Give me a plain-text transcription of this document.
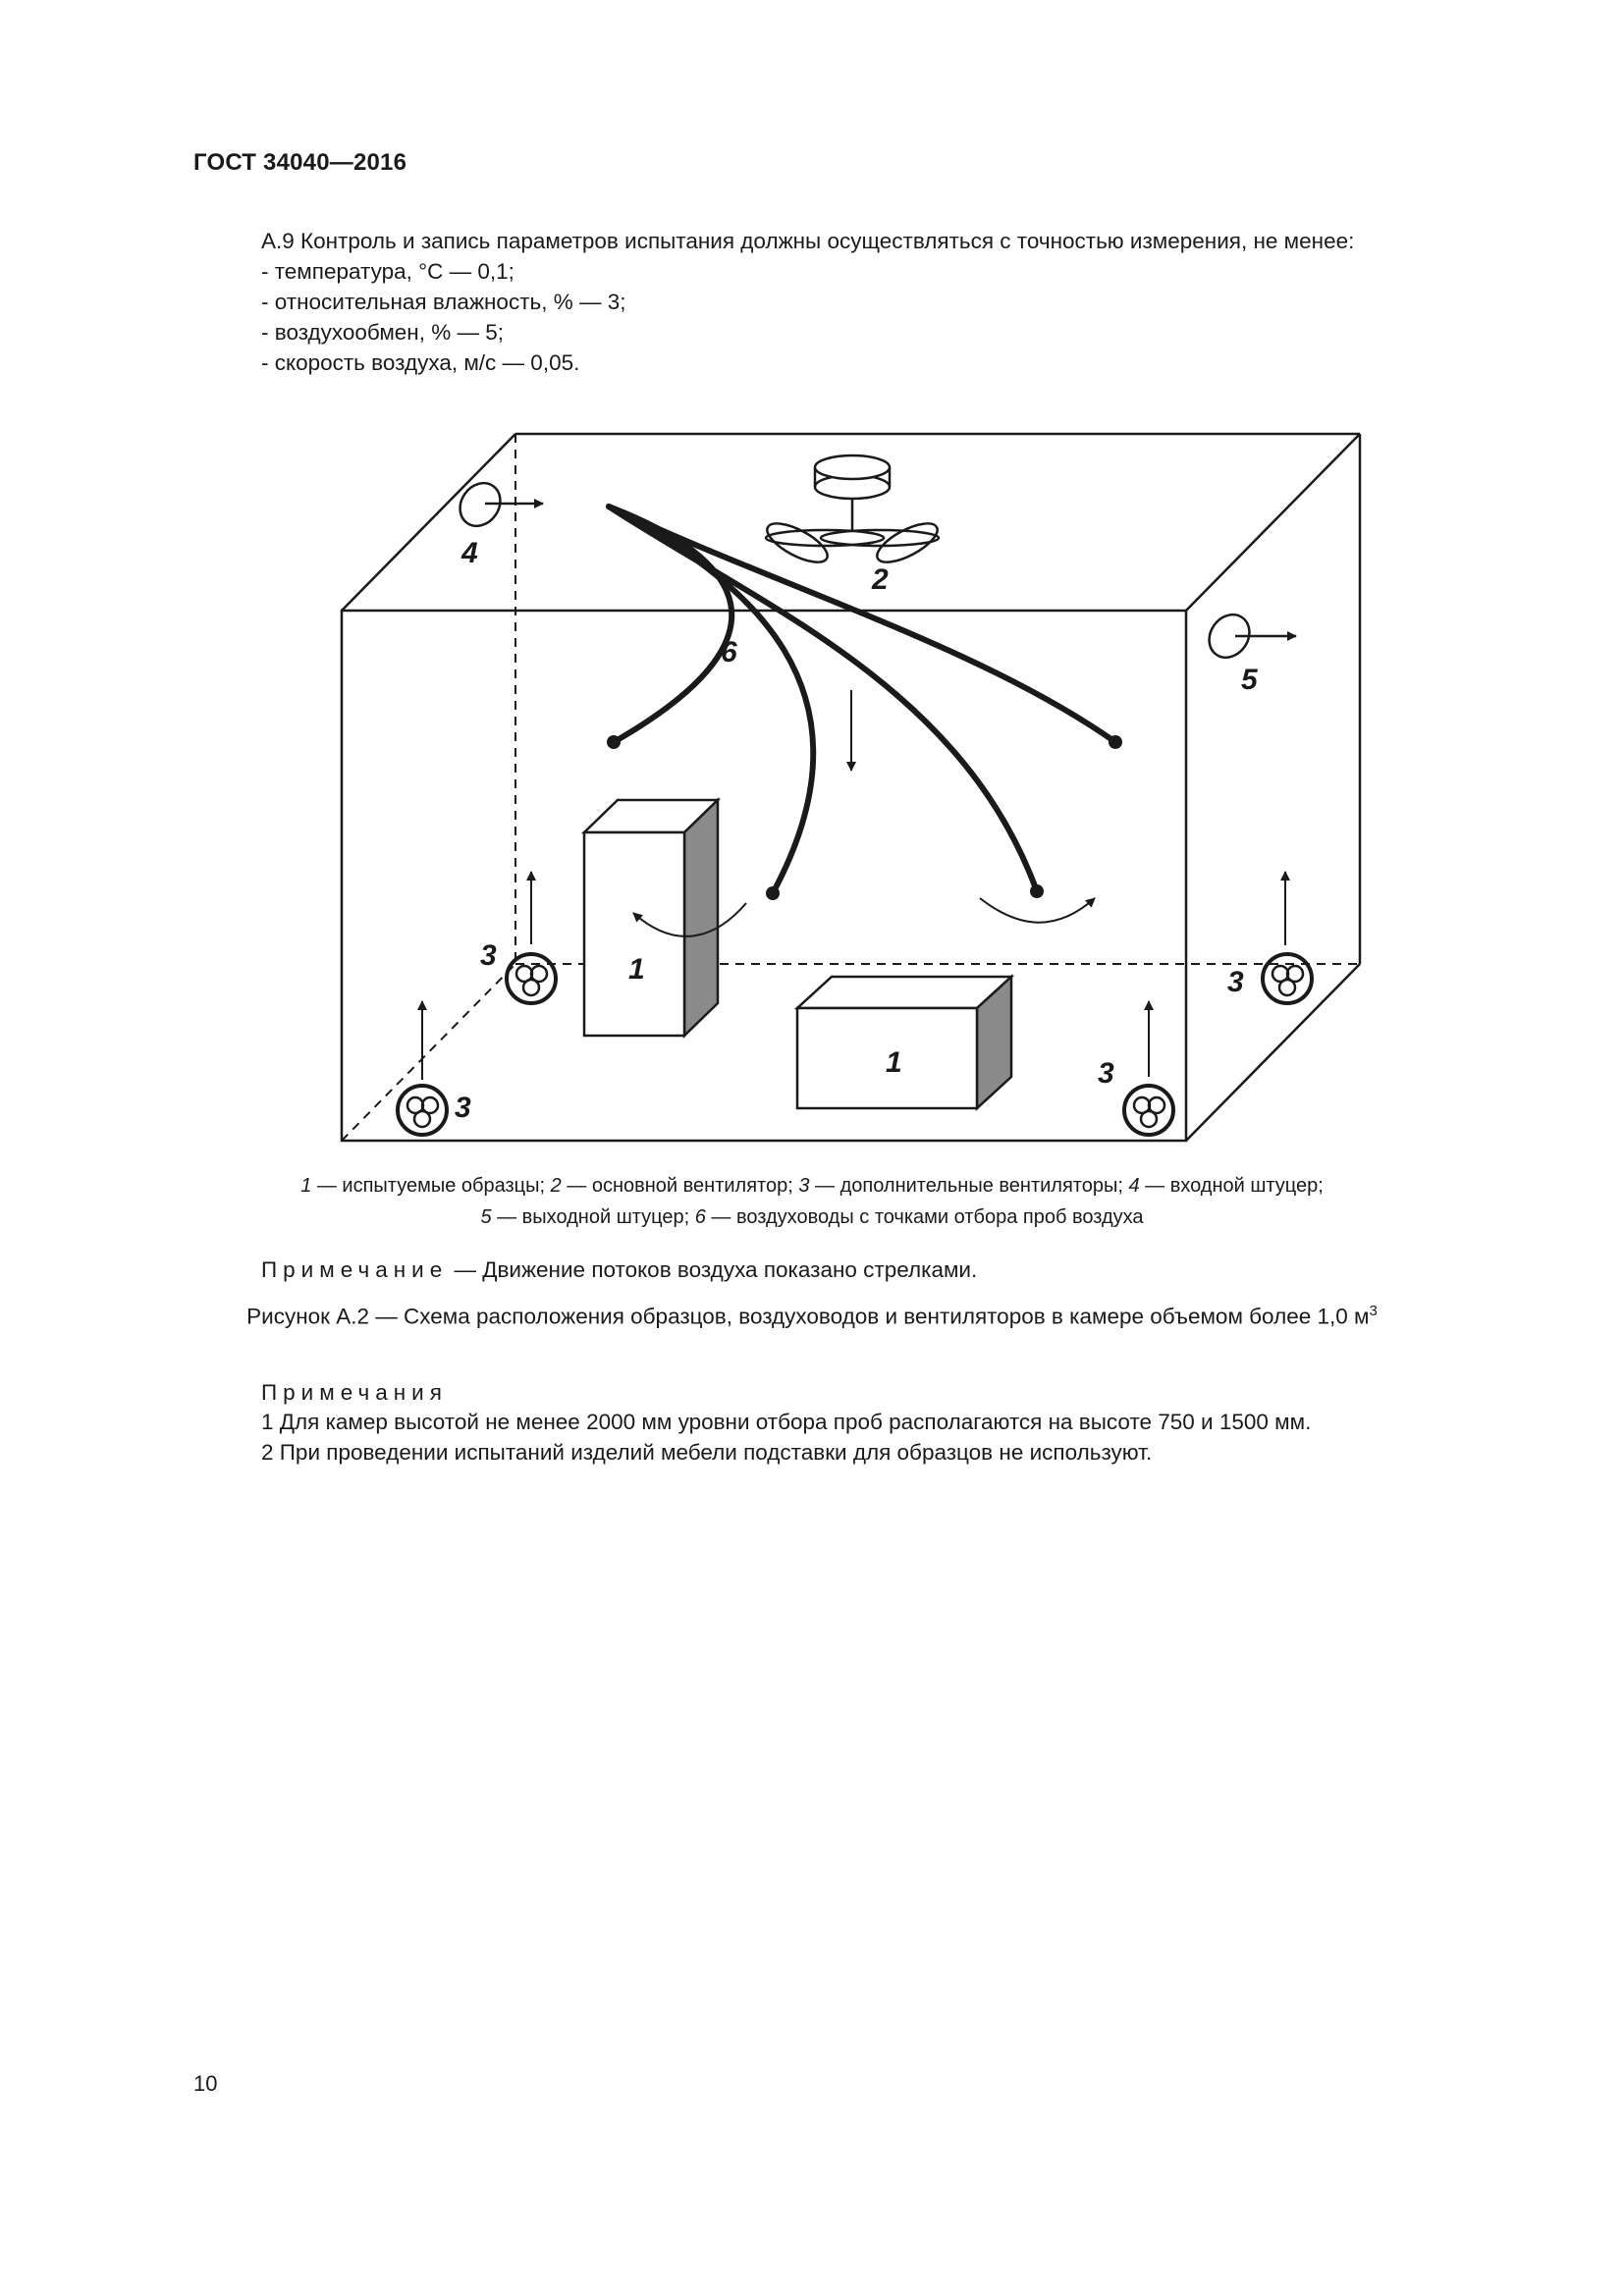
ГОСТ 34040—2016
А.9 Контроль и запись параметров испытания должны осуществляться с точностью измерения, не менее:
- температура, °С — 0,1;
- относительная влажность, % — 3;
- воздухообмен, % — 5;
- скорость воздуха, м/с — 0,05.
4
2
5
6
1
1
3
3
3
3
1 — испытуемые образцы; 2 — основной вентилятор; 3 — дополнительные вентиляторы; 4 — входной штуцер;
5 — выходной штуцер; 6 — воздуховоды с точками отбора проб воздуха
Примечание — Движение потоков воздуха показано стрелками.
Рисунок А.2 — Схема расположения образцов, воздуховодов и вентиляторов в камере объемом более 1,0 $м^3$
Примечания
1 Для камер высотой не менее 2000 мм уровни отбора проб располагаются на высоте 750 и 1500 мм.
2 При проведении испытаний изделий мебели подставки для образцов не используют.
10
